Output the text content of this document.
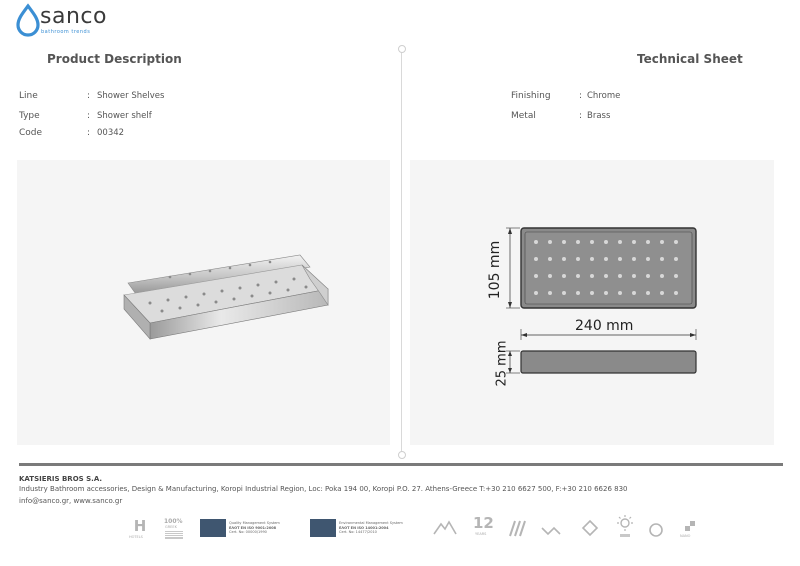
sanco
bathroom trends
Product Description	Technical Sheet
Line	: Shower Shelves
Type	: Shower shelf
Code	: 00342
Finishing	: Chrome
Metal	: Brass
105 mm
240 mm
25 mm
KATSIERIS BROS S.A.
Industry Bathroom accessories, Design & Manufacturing, Koropi Industrial Region, Loc: Poka 194 00, Koropi P.O. 27. Athens-Greece T:+30 210 6627 500, F:+30 210 6626 830
info@sanco.gr, www.sanco.gr
H
HOTELS
100%
GREEK
Quality Management System
ΕΛΟΤ EN ISO 9001:2008
Cert. No: 00000/1990
Environmental Management System
ΕΛΟΤ EN ISO 14001:2004
Cert. No: 14477/2010	12
YEARS	NANO
